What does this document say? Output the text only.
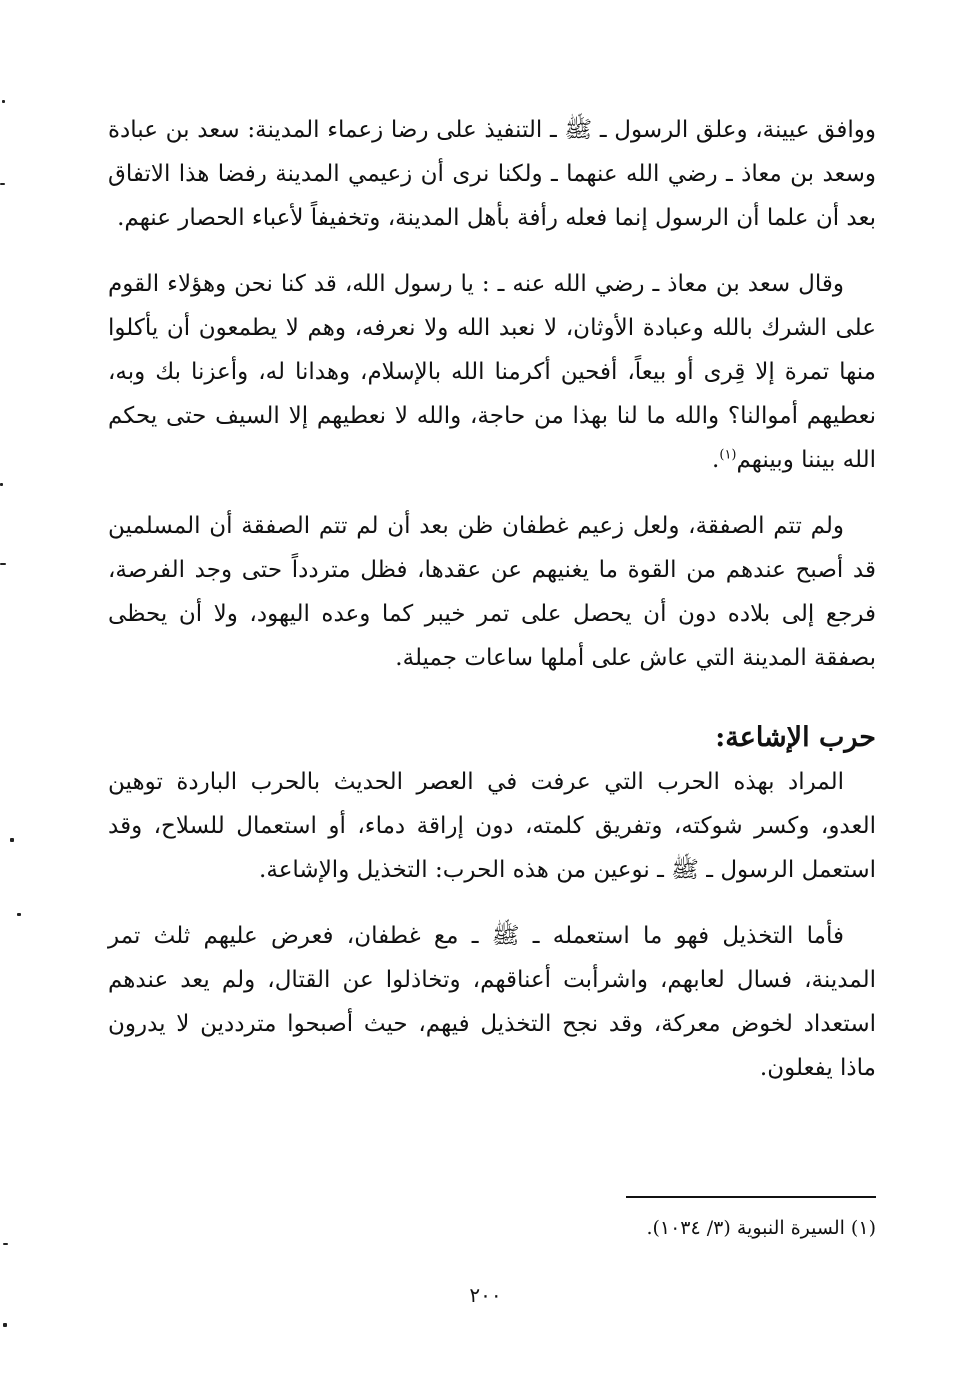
ووافق عيينة، وعلق الرسول ـ ﷺ ـ التنفيذ على رضا زعماء المدينة: سعد بن عبادة وسعد بن معاذ ـ رضي الله عنهما ـ ولكنا نرى أن زعيمي المدينة رفضا هذا الاتفاق بعد أن علما أن الرسول إنما فعله رأفة بأهل المدينة، وتخفيفاً لأعباء الحصار عنهم.

وقال سعد بن معاذ ـ رضي الله عنه ـ : يا رسول الله، قد كنا نحن وهؤلاء القوم على الشرك بالله وعبادة الأوثان، لا نعبد الله ولا نعرفه، وهم لا يطمعون أن يأكلوا منها تمرة إلا قِرى أو بيعاً، أفحين أكرمنا الله بالإسلام، وهدانا له، وأعزنا بك وبه، نعطيهم أموالنا؟ والله ما لنا بهذا من حاجة، والله لا نعطيهم إلا السيف حتى يحكم الله بيننا وبينهم$^{(١)}$.

ولم تتم الصفقة، ولعل زعيم غطفان ظن بعد أن لم تتم الصفقة أن المسلمين قد أصبح عندهم من القوة ما يغنيهم عن عقدها، فظل متردداً حتى وجد الفرصة، فرجع إلى بلاده دون أن يحصل على تمر خيبر كما وعده اليهود، ولا أن يحظى بصفقة المدينة التي عاش على أملها ساعات جميلة.

حرب الإشاعة:

المراد بهذه الحرب التي عرفت في العصر الحديث بالحرب الباردة توهين العدو، وكسر شوكته، وتفريق كلمته، دون إراقة دماء، أو استعمال للسلاح، وقد استعمل الرسول ـ ﷺ ـ نوعين من هذه الحرب: التخذيل والإشاعة.

فأما التخذيل فهو ما استعمله ـ ﷺ ـ مع غطفان، فعرض عليهم ثلث تمر المدينة، فسال لعابهم، واشرأبت أعناقهم، وتخاذلوا عن القتال، ولم يعد عندهم استعداد لخوض معركة، وقد نجح التخذيل فيهم، حيث أصبحوا مترددين لا يدرون ماذا يفعلون.

(١) السيرة النبوية (٣/ ١٠٣٤).
٢٠٠
